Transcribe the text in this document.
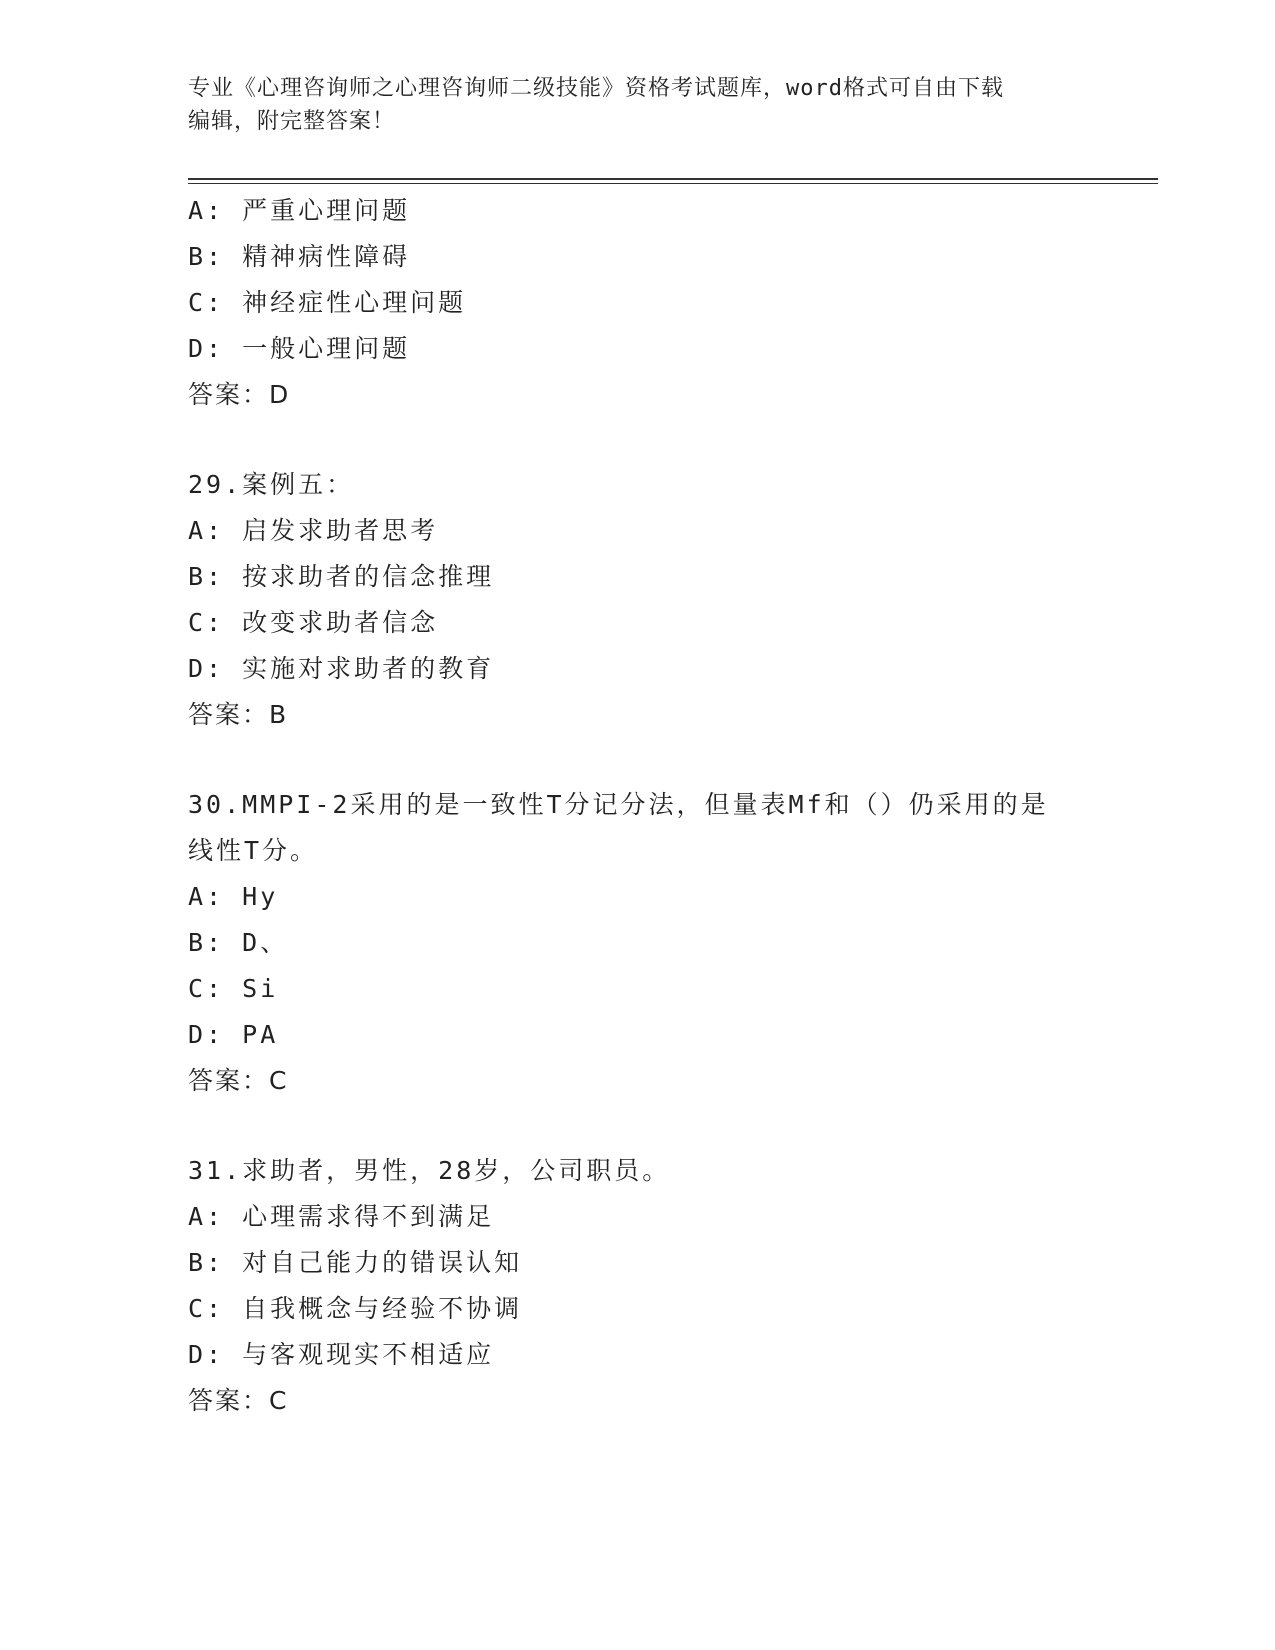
专业《心理咨询师之心理咨询师二级技能》资格考试题库，word格式可自由下载
编辑，附完整答案！
A: 严重心理问题
B: 精神病性障碍
C: 神经症性心理问题
D: 一般心理问题
答案：D
29.案例五：
A: 启发求助者思考
B: 按求助者的信念推理
C: 改变求助者信念
D: 实施对求助者的教育
答案：B
30.MMPI-2采用的是一致性T分记分法，但量表Mf和（）仍采用的是
线性T分。
A: Hy
B: D、
C: Si
D: PA
答案：C
31.求助者，男性，28岁，公司职员。
A: 心理需求得不到满足
B: 对自己能力的错误认知
C: 自我概念与经验不协调
D: 与客观现实不相适应
答案：C
